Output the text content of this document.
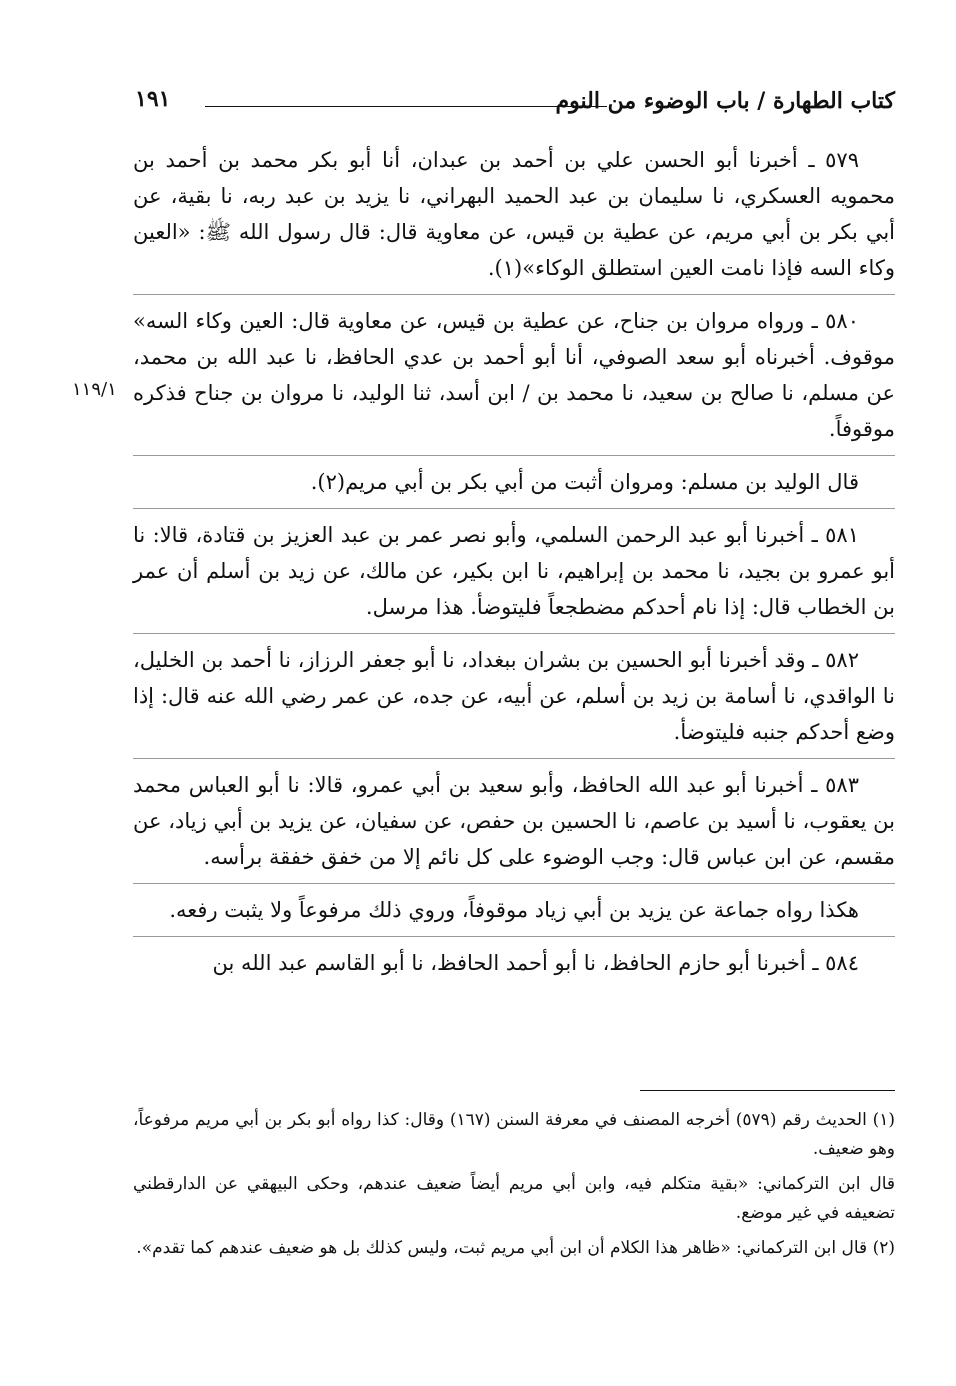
كتاب الطهارة / باب الوضوء من النوم
١٩١
١١٩/١

٥٧٩ ـ أخبرنا أبو الحسن علي بن أحمد بن عبدان، أنا أبو بكر محمد بن أحمد بن محمويه العسكري، نا سليمان بن عبد الحميد البهراني، نا يزيد بن عبد ربه، نا بقية، عن أبي بكر بن أبي مريم، عن عطية بن قيس، عن معاوية قال: قال رسول الله ﷺ: «العين وكاء السه فإذا نامت العين استطلق الوكاء»(١).

٥٨٠ ـ ورواه مروان بن جناح، عن عطية بن قيس، عن معاوية قال: العين وكاء السه» موقوف. أخبرناه أبو سعد الصوفي، أنا أبو أحمد بن عدي الحافظ، نا عبد الله بن محمد، عن مسلم، نا صالح بن سعيد، نا محمد بن / ابن أسد، ثنا الوليد، نا مروان بن جناح فذكره موقوفاً.

قال الوليد بن مسلم: ومروان أثبت من أبي بكر بن أبي مريم(٢).

٥٨١ ـ أخبرنا أبو عبد الرحمن السلمي، وأبو نصر عمر بن عبد العزيز بن قتادة، قالا: نا أبو عمرو بن بجيد، نا محمد بن إبراهيم، نا ابن بكير، عن مالك، عن زيد بن أسلم أن عمر بن الخطاب قال: إذا نام أحدكم مضطجعاً فليتوضأ. هذا مرسل.

٥٨٢ ـ وقد أخبرنا أبو الحسين بن بشران ببغداد، نا أبو جعفر الرزاز، نا أحمد بن الخليل، نا الواقدي، نا أسامة بن زيد بن أسلم، عن أبيه، عن جده، عن عمر رضي الله عنه قال: إذا وضع أحدكم جنبه فليتوضأ.

٥٨٣ ـ أخبرنا أبو عبد الله الحافظ، وأبو سعيد بن أبي عمرو، قالا: نا أبو العباس محمد بن يعقوب، نا أسيد بن عاصم، نا الحسين بن حفص، عن سفيان، عن يزيد بن أبي زياد، عن مقسم، عن ابن عباس قال: وجب الوضوء على كل نائم إلا من خفق خفقة برأسه.

هكذا رواه جماعة عن يزيد بن أبي زياد موقوفاً، وروي ذلك مرفوعاً ولا يثبت رفعه.

٥٨٤ ـ أخبرنا أبو حازم الحافظ، نا أبو أحمد الحافظ، نا أبو القاسم عبد الله بن

(١) الحديث رقم (٥٧٩) أخرجه المصنف في معرفة السنن (١٦٧) وقال: كذا رواه أبو بكر بن أبي مريم مرفوعاً، وهو ضعيف.

قال ابن التركماني: «بقية متكلم فيه، وابن أبي مريم أيضاً ضعيف عندهم، وحكى البيهقي عن الدارقطني تضعيفه في غير موضع.

(٢) قال ابن التركماني: «ظاهر هذا الكلام أن ابن أبي مريم ثبت، وليس كذلك بل هو ضعيف عندهم كما تقدم».
